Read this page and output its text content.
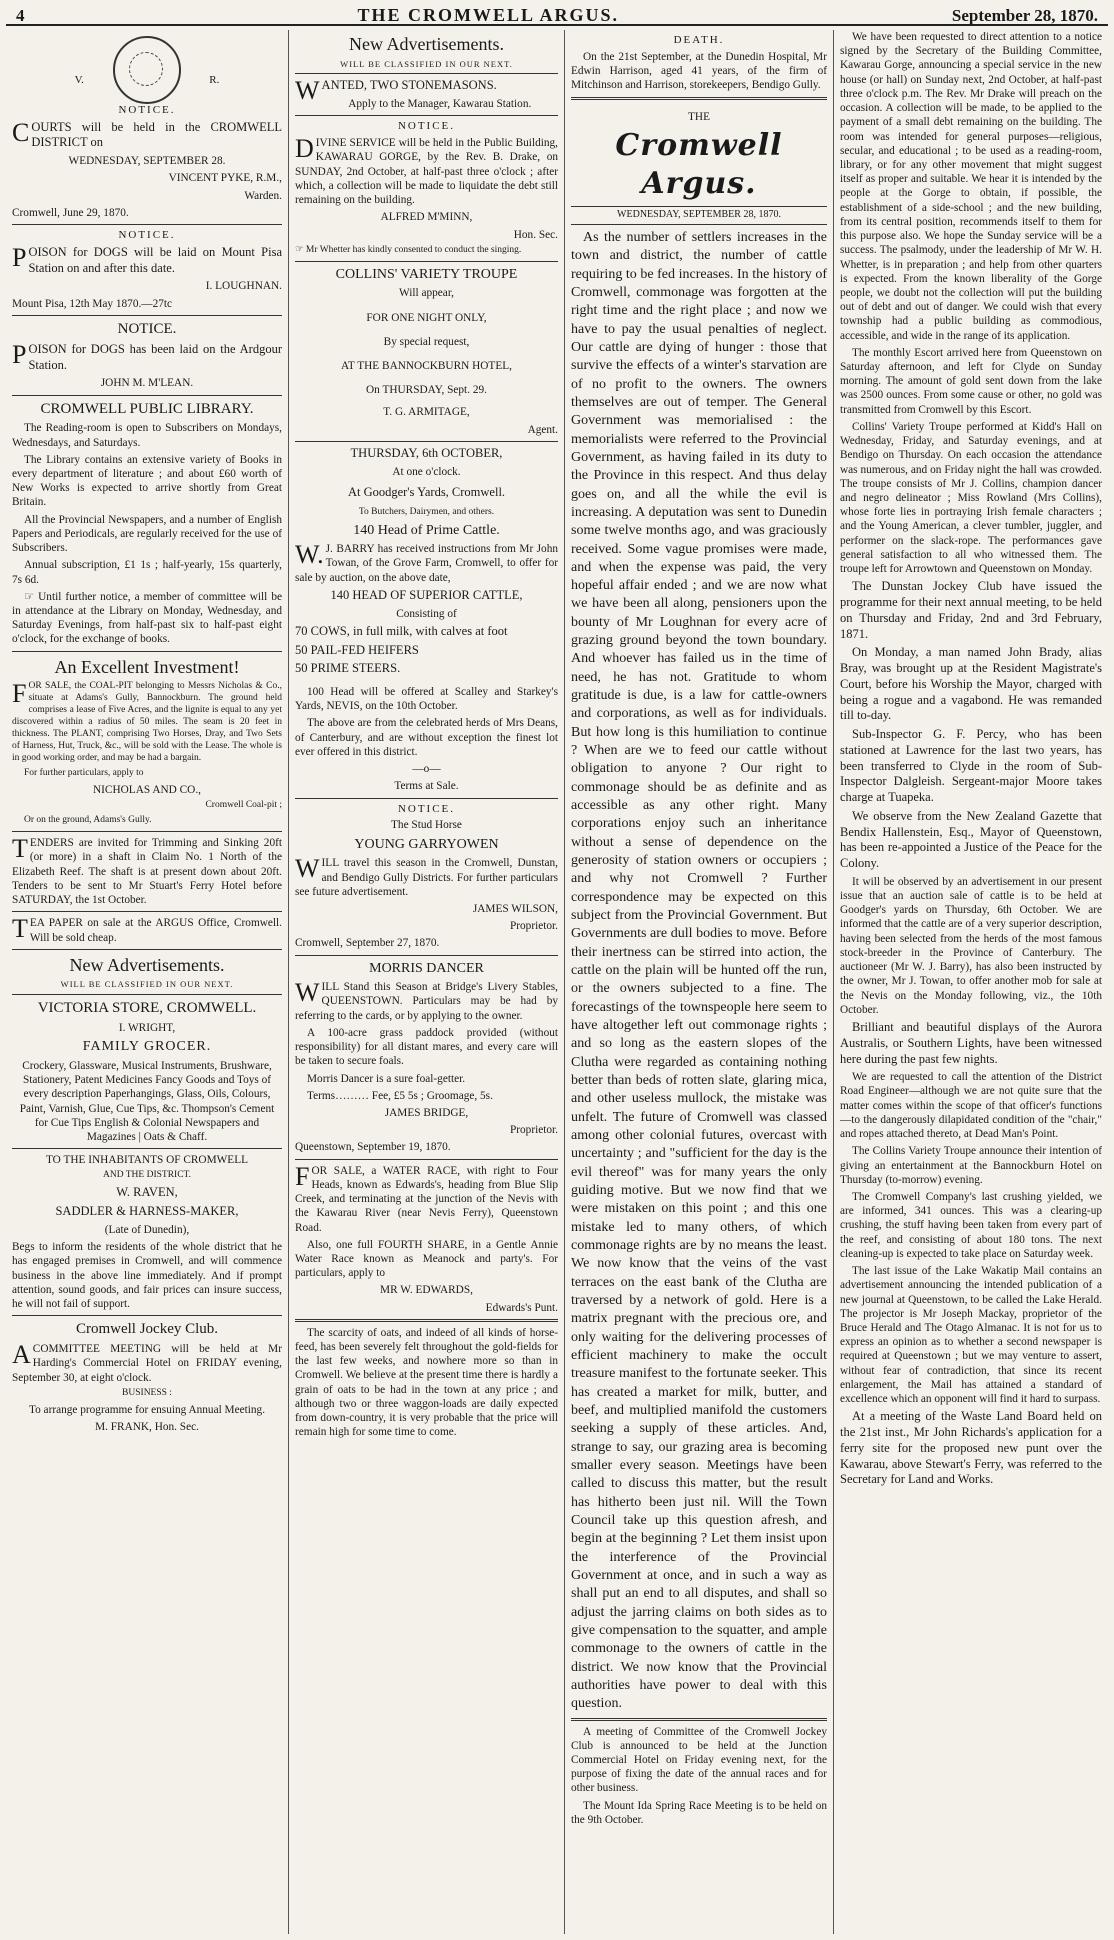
4	THE CROMWELL ARGUS.	September 28, 1870.
V.	R.
NOTICE.

COURTS will be held in the CROMWELL DISTRICT on

WEDNESDAY, SEPTEMBER 28.

VINCENT PYKE, R.M.,

Warden.

Cromwell, June 29, 1870.

NOTICE.

POISON for DOGS will be laid on Mount Pisa Station on and after this date.

I. LOUGHNAN.

Mount Pisa, 12th May 1870.—27tc

NOTICE.

POISON for DOGS has been laid on the Ardgour Station.

JOHN M. M'LEAN.

CROMWELL PUBLIC LIBRARY.

The Reading-room is open to Subscribers on Mondays, Wednesdays, and Saturdays.

The Library contains an extensive variety of Books in every department of literature ; and about £60 worth of New Works is expected to arrive shortly from Great Britain.

All the Provincial Newspapers, and a number of English Papers and Periodicals, are regularly received for the use of Subscribers.

Annual subscription, £1 1s ; half-yearly, 15s quarterly, 7s 6d.

☞ Until further notice, a member of committee will be in attendance at the Library on Monday, Wednesday, and Saturday Evenings, from half-past six to half-past eight o'clock, for the exchange of books.

An Excellent Investment!

FOR SALE, the COAL-PIT belonging to Messrs Nicholas & Co., situate at Adams's Gully, Bannockburn. The ground held comprises a lease of Five Acres, and the lignite is equal to any yet discovered within a radius of 50 miles. The seam is 20 feet in thickness. The PLANT, comprising Two Horses, Dray, and Two Sets of Harness, Hut, Truck, &c., will be sold with the Lease. The whole is in good working order, and may be had a bargain.

For further particulars, apply to

NICHOLAS AND CO.,

Cromwell Coal-pit ;

Or on the ground, Adams's Gully.

TENDERS are invited for Trimming and Sinking 20ft (or more) in a shaft in Claim No. 1 North of the Elizabeth Reef. The shaft is at present down about 20ft. Tenders to be sent to Mr Stuart's Ferry Hotel before SATURDAY, the 1st October.

TEA PAPER on sale at the ARGUS Office, Cromwell. Will be sold cheap.

New Advertisements.
WILL BE CLASSIFIED IN OUR NEXT.
VICTORIA STORE, CROMWELL.

I. WRIGHT,

FAMILY GROCER.

Crockery, Glassware, Musical Instruments, Brushware, Stationery, Patent Medicines Fancy Goods and Toys of every description Paperhangings, Glass, Oils, Colours, Paint, Varnish, Glue, Cue Tips, &c. Thompson's Cement for Cue Tips English & Colonial Newspapers and Magazines | Oats & Chaff.

TO THE INHABITANTS OF CROMWELL

AND THE DISTRICT.

W. RAVEN,

SADDLER & HARNESS-MAKER,

(Late of Dunedin),

Begs to inform the residents of the whole district that he has engaged premises in Cromwell, and will commence business in the above line immediately. And if prompt attention, sound goods, and fair prices can insure success, he will not fail of support.

Cromwell Jockey Club.

ACOMMITTEE MEETING will be held at Mr Harding's Commercial Hotel on FRIDAY evening, September 30, at eight o'clock.

BUSINESS :

To arrange programme for ensuing Annual Meeting.

M. FRANK, Hon. Sec.

New Advertisements.
WILL BE CLASSIFIED IN OUR NEXT.

WANTED, TWO STONEMASONS.

Apply to the Manager, Kawarau Station.

NOTICE.

DIVINE SERVICE will be held in the Public Building, KAWARAU GORGE, by the Rev. B. Drake, on SUNDAY, 2nd October, at half-past three o'clock ; after which, a collection will be made to liquidate the debt still remaining on the building.

ALFRED M'MINN,

Hon. Sec.

☞ Mr Whetter has kindly consented to conduct the singing.

COLLINS' VARIETY TROUPE

Will appear,

FOR ONE NIGHT ONLY,

By special request,

AT THE BANNOCKBURN HOTEL,

On THURSDAY, Sept. 29.

T. G. ARMITAGE,

Agent.

THURSDAY, 6th OCTOBER,

At one o'clock.

At Goodger's Yards, Cromwell.

To Butchers, Dairymen, and others.

140 Head of Prime Cattle.

W.J. BARRY has received instructions from Mr John Towan, of the Grove Farm, Cromwell, to offer for sale by auction, on the above date,

140 HEAD OF SUPERIOR CATTLE,

Consisting of

70 COWS, in full milk, with calves at foot

50 PAIL-FED HEIFERS

50 PRIME STEERS.

100 Head will be offered at Scalley and Starkey's Yards, NEVIS, on the 10th October.

The above are from the celebrated herds of Mrs Deans, of Canterbury, and are without exception the finest lot ever offered in this district.

—o—

Terms at Sale.

NOTICE.

The Stud Horse

YOUNG GARRYOWEN

WILL travel this season in the Cromwell, Dunstan, and Bendigo Gully Districts. For further particulars see future advertisement.

JAMES WILSON,

Proprietor.

Cromwell, September 27, 1870.

MORRIS DANCER

WILL Stand this Season at Bridge's Livery Stables, QUEENSTOWN. Particulars may be had by referring to the cards, or by applying to the owner.

A 100-acre grass paddock provided (without responsibility) for all distant mares, and every care will be taken to secure foals.

Morris Dancer is a sure foal-getter.

Terms……… Fee, £5 5s ; Groomage, 5s.

JAMES BRIDGE,

Proprietor.

Queenstown, September 19, 1870.

FOR SALE, a WATER RACE, with right to Four Heads, known as Edwards's, heading from Blue Slip Creek, and terminating at the junction of the Nevis with the Kawarau River (near Nevis Ferry), Queenstown Road.

Also, one full FOURTH SHARE, in a Gentle Annie Water Race known as Meanock and party's. For particulars, apply to

MR W. EDWARDS,

Edwards's Punt.

The scarcity of oats, and indeed of all kinds of horse-feed, has been severely felt throughout the gold-fields for the last few weeks, and nowhere more so than in Cromwell. We believe at the present time there is hardly a grain of oats to be had in the town at any price ; and although two or three waggon-loads are daily expected from down-country, it is very probable that the price will remain high for some time to come.

DEATH.

On the 21st September, at the Dunedin Hospital, Mr Edwin Harrison, aged 41 years, of the firm of Mitchinson and Harrison, storekeepers, Bendigo Gully.

THE

Cromwell Argus.
WEDNESDAY, SEPTEMBER 28, 1870.

As the number of settlers increases in the town and district, the number of cattle requiring to be fed increases. In the history of Cromwell, commonage was forgotten at the right time and the right place ; and now we have to pay the usual penalties of neglect. Our cattle are dying of hunger : those that survive the effects of a winter's starvation are of no profit to the owners. The owners themselves are out of temper. The General Government was memorialised : the memorialists were referred to the Provincial Government, as having failed in its duty to the Province in this respect. And thus delay goes on, and all the while the evil is increasing. A deputation was sent to Dunedin some twelve months ago, and was graciously received. Some vague promises were made, and when the expense was paid, the very hopeful affair ended ; and we are now what we have been all along, pensioners upon the bounty of Mr Loughnan for every acre of grazing ground beyond the town boundary. And whoever has failed us in the time of need, he has not. Gratitude to whom gratitude is due, is a law for cattle-owners and corporations, as well as for individuals. But how long is this humiliation to continue ? When are we to feed our cattle without obligation to anyone ? Our right to commonage should be as definite and as accessible as any other right. Many corporations enjoy such an inheritance without a sense of dependence on the generosity of station owners or occupiers ; and why not Cromwell ? Further correspondence may be expected on this subject from the Provincial Government. But Governments are dull bodies to move. Before their inertness can be stirred into action, the cattle on the plain will be hunted off the run, or the owners subjected to a fine. The forecastings of the townspeople here seem to have altogether left out commonage rights ; and so long as the eastern slopes of the Clutha were regarded as containing nothing better than beds of rotten slate, glaring mica, and other useless mullock, the mistake was unfelt. The future of Cromwell was classed among other colonial futures, overcast with uncertainty ; and "sufficient for the day is the evil thereof" was for many years the only guiding motive. But we now find that we were mistaken on this point ; and this one mistake led to many others, of which commonage rights are by no means the least. We now know that the veins of the vast terraces on the east bank of the Clutha are traversed by a network of gold. Here is a matrix pregnant with the precious ore, and only waiting for the delivering processes of efficient machinery to make the occult treasure manifest to the fortunate seeker. This has created a market for milk, butter, and beef, and multiplied manifold the customers seeking a supply of these articles. And, strange to say, our grazing area is becoming smaller every season. Meetings have been called to discuss this matter, but the result has hitherto been just nil. Will the Town Council take up this question afresh, and begin at the beginning ? Let them insist upon the interference of the Provincial Government at once, and in such a way as shall put an end to all disputes, and shall so adjust the jarring claims on both sides as to give compensation to the squatter, and ample commonage to the owners of cattle in the district. We now know that the Provincial authorities have power to deal with this question.

A meeting of Committee of the Cromwell Jockey Club is announced to be held at the Junction Commercial Hotel on Friday evening next, for the purpose of fixing the date of the annual races and for other business.

The Mount Ida Spring Race Meeting is to be held on the 9th October.

We have been requested to direct attention to a notice signed by the Secretary of the Building Committee, Kawarau Gorge, announcing a special service in the new house (or hall) on Sunday next, 2nd October, at half-past three o'clock p.m. The Rev. Mr Drake will preach on the occasion. A collection will be made, to be applied to the payment of a small debt remaining on the building. The room was intended for general purposes—religious, secular, and educational ; to be used as a reading-room, library, or for any other movement that might suggest itself as proper and suitable. We hear it is intended by the people at the Gorge to obtain, if possible, the establishment of a side-school ; and the new building, from its central position, recommends itself to them for this purpose also. We hope the Sunday service will be a success. The psalmody, under the leadership of Mr W. H. Whetter, is in preparation ; and help from other quarters is expected. From the known liberality of the Gorge people, we doubt not the collection will put the building out of debt and out of danger. We could wish that every township had a public building as commodious, accessible, and wide in the range of its application.

The monthly Escort arrived here from Queenstown on Saturday afternoon, and left for Clyde on Sunday morning. The amount of gold sent down from the lake was 2500 ounces. From some cause or other, no gold was transmitted from Cromwell by this Escort.

Collins' Variety Troupe performed at Kidd's Hall on Wednesday, Friday, and Saturday evenings, and at Bendigo on Thursday. On each occasion the attendance was numerous, and on Friday night the hall was crowded. The troupe consists of Mr J. Collins, champion dancer and negro delineator ; Miss Rowland (Mrs Collins), whose forte lies in portraying Irish female characters ; and the Young American, a clever tumbler, juggler, and performer on the slack-rope. The performances gave general satisfaction to all who witnessed them. The troupe left for Arrowtown and Queenstown on Monday.

The Dunstan Jockey Club have issued the programme for their next annual meeting, to be held on Thursday and Friday, 2nd and 3rd February, 1871.

On Monday, a man named John Brady, alias Bray, was brought up at the Resident Magistrate's Court, before his Worship the Mayor, charged with being a rogue and a vagabond. He was remanded till to-day.

Sub-Inspector G. F. Percy, who has been stationed at Lawrence for the last two years, has been transferred to Clyde in the room of Sub-Inspector Dalgleish. Sergeant-major Moore takes charge at Tuapeka.

We observe from the New Zealand Gazette that Bendix Hallenstein, Esq., Mayor of Queenstown, has been re-appointed a Justice of the Peace for the Colony.

It will be observed by an advertisement in our present issue that an auction sale of cattle is to be held at Goodger's yards on Thursday, 6th October. We are informed that the cattle are of a very superior description, having been selected from the herds of the most famous stock-breeder in the Province of Canterbury. The auctioneer (Mr W. J. Barry), has also been instructed by the owner, Mr J. Towan, to offer another mob for sale at the Nevis on the Monday following, viz., the 10th October.

Brilliant and beautiful displays of the Aurora Australis, or Southern Lights, have been witnessed here during the past few nights.

We are requested to call the attention of the District Road Engineer—although we are not quite sure that the matter comes within the scope of that officer's functions—to the dangerously dilapidated condition of the "chair," and ropes attached thereto, at Dead Man's Point.

The Collins Variety Troupe announce their intention of giving an entertainment at the Bannockburn Hotel on Thursday (to-morrow) evening.

The Cromwell Company's last crushing yielded, we are informed, 341 ounces. This was a clearing-up crushing, the stuff having been taken from every part of the reef, and consisting of about 180 tons. The next cleaning-up is expected to take place on Saturday week.

The last issue of the Lake Wakatip Mail contains an advertisement announcing the intended publication of a new journal at Queenstown, to be called the Lake Herald. The projector is Mr Joseph Mackay, proprietor of the Bruce Herald and The Otago Almanac. It is not for us to express an opinion as to whether a second newspaper is required at Queenstown ; but we may venture to assert, without fear of contradiction, that since its recent enlargement, the Mail has attained a standard of excellence which an opponent will find it hard to surpass.

At a meeting of the Waste Land Board held on the 21st inst., Mr John Richards's application for a ferry site for the proposed new punt over the Kawarau, above Stewart's Ferry, was referred to the Secretary for Land and Works.
